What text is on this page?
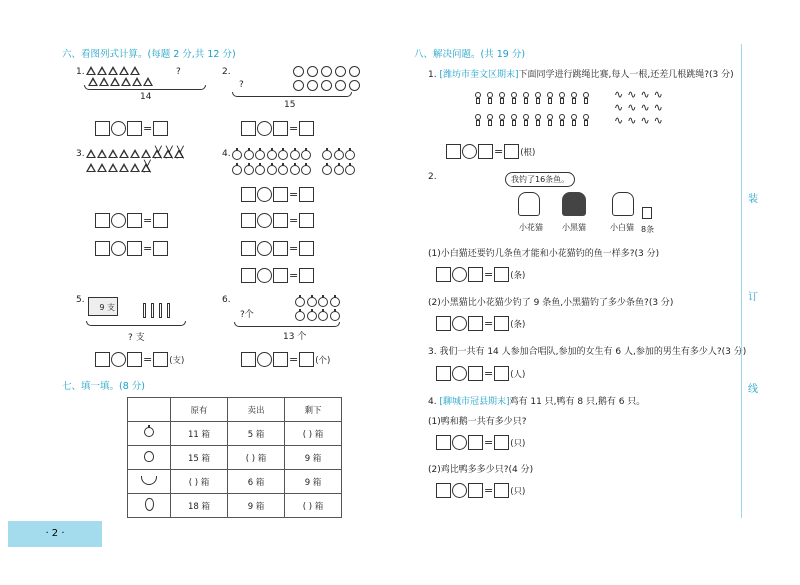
六、看图列式计算。(每题 2 分,共 12 分)
1.	?
14
=
2.
?
15
=
3.	╳ ╳ ╳
╳
=
=
4.
=
=
=
=
5.
9 支
? 支
= (支)
6.
?个
13 个
= (个)
七、填一填。(8 分)
	原有	卖出	剩下
	11 箱	5 箱	( ) 箱
	15 箱	( ) 箱	9 箱
	( ) 箱	6 箱	9 箱
	18 箱	9 箱	( ) 箱
八、解决问题。(共 19 分)
1. [潍坊市奎文区期末]下面同学进行跳绳比赛,每人一根,还差几根跳绳?(3 分)
∿ ∿ ∿ ∿
∿ ∿ ∿ ∿
∿ ∿ ∿ ∿
= (根)
2.	我钓了16条鱼。
小花猫 小黑猫	小白猫 8条
(1)小白猫还要钓几条鱼才能和小花猫钓的鱼一样多?(3 分)
= (条)
(2)小黑猫比小花猫少钓了 9 条鱼,小黑猫钓了多少条鱼?(3 分)
= (条)
3. 我们一共有 14 人参加合唱队,参加的女生有 6 人,参加的男生有多少人?(3 分)
= (人)
4. [聊城市冠县期末]鸡有 11 只,鸭有 8 只,鹅有 6 只。
(1)鸭和鹅一共有多少只?
= (只)
(2)鸡比鸭多多少只?(4 分)
= (只)
装
订
线
· 2 ·
